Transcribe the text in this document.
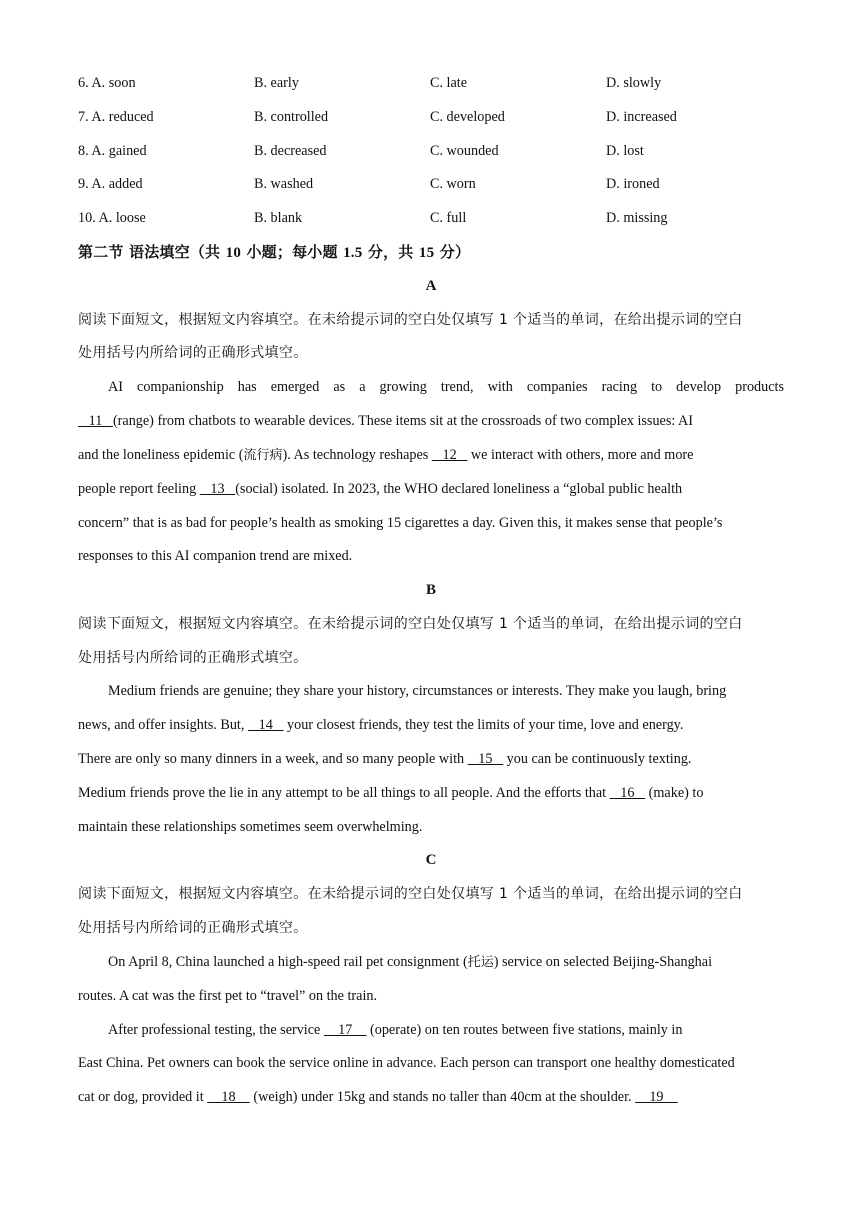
6. A. soon	B. early	C. late	D. slowly
7. A. reduced	B. controlled	C. developed	D. increased
8. A. gained	B. decreased	C. wounded	D. lost
9. A. added	B. washed	C. worn	D. ironed
10. A. loose	B. blank	C. full	D. missing
第二节 语法填空（共 10 小题；每小题 1.5 分，共 15 分）
A
阅读下面短文，根据短文内容填空。在未给提示词的空白处仅填写 1 个适当的单词，在给出提示词的空白
处用括号内所给词的正确形式填空。
AI companionship has emerged as a growing trend, with companies racing to develop products
11   (range) from chatbots to wearable devices. These items sit at the crossroads of two complex issues: AI
and the loneliness epidemic (流行病). As technology reshapes    12    we interact with others, more and more
people report feeling    13   (social) isolated. In 2023, the WHO declared loneliness a “global public health
concern” that is as bad for people’s health as smoking 15 cigarettes a day. Given this, it makes sense that people’s
responses to this AI companion trend are mixed.
B
阅读下面短文，根据短文内容填空。在未给提示词的空白处仅填写 1 个适当的单词，在给出提示词的空白
处用括号内所给词的正确形式填空。
Medium friends are genuine; they share your history, circumstances or interests. They make you laugh, bring
news, and offer insights. But,    14    your closest friends, they test the limits of your time, love and energy.
There are only so many dinners in a week, and so many people with    15    you can be continuously texting.
Medium friends prove the lie in any attempt to be all things to all people. And the efforts that    16    (make) to
maintain these relationships sometimes seem overwhelming.
C
阅读下面短文，根据短文内容填空。在未给提示词的空白处仅填写 1 个适当的单词，在给出提示词的空白
处用括号内所给词的正确形式填空。
On April 8, China launched a high-speed rail pet consignment (托运) service on selected Beijing-Shanghai
routes. A cat was the first pet to “travel” on the train.
After professional testing, the service     17     (operate) on ten routes between five stations, mainly in
East China. Pet owners can book the service online in advance. Each person can transport one healthy domesticated
cat or dog, provided it     18     (weigh) under 15kg and stands no taller than 40cm at the shoulder.     19
